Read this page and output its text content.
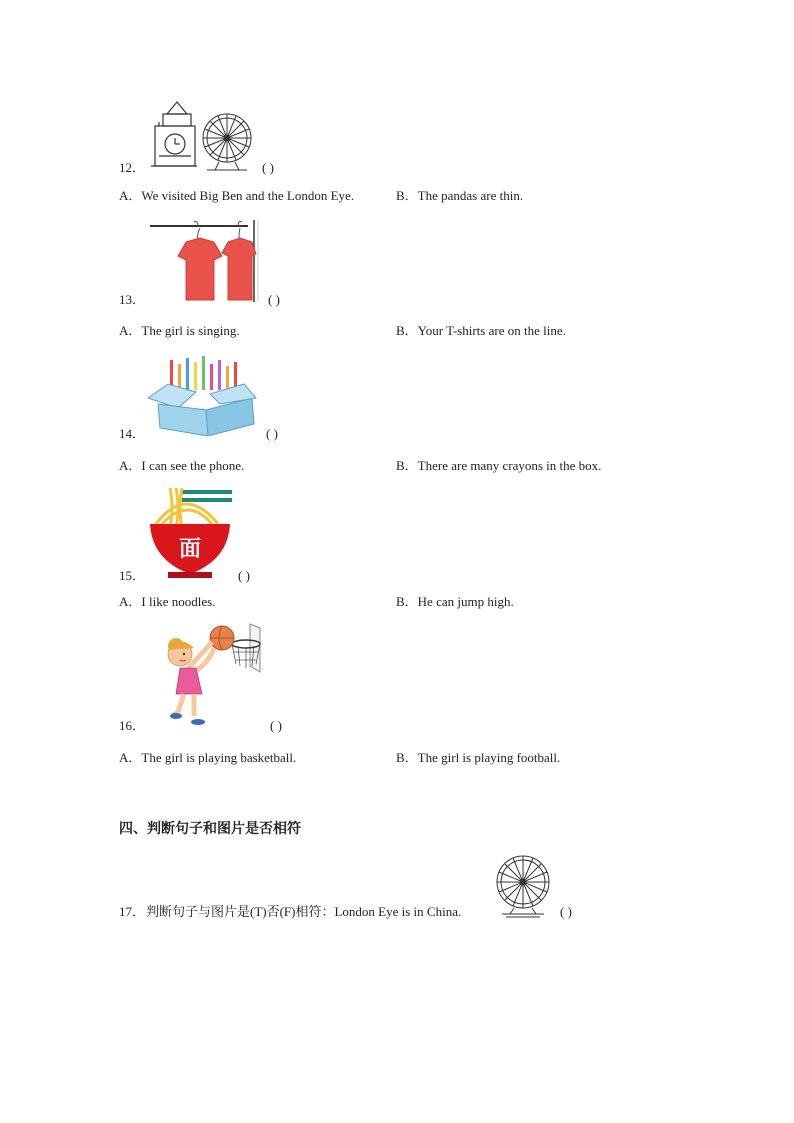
12．	( )
A．We visited Big Ben and the London Eye.	B．The pandas are thin.
13．	( )
A．The girl is singing.	B．Your T-shirts are on the line.
14．	( )
A．I can see the phone.	B．There are many crayons in the box.
面
15．	( )
A．I like noodles.	B．He can jump high.
16．	( )
A．The girl is playing basketball.	B．The girl is playing football.
四、判断句子和图片是否相符
17． 判断句子与图片是(T)否(F)相符：London Eye is in China.	( )
